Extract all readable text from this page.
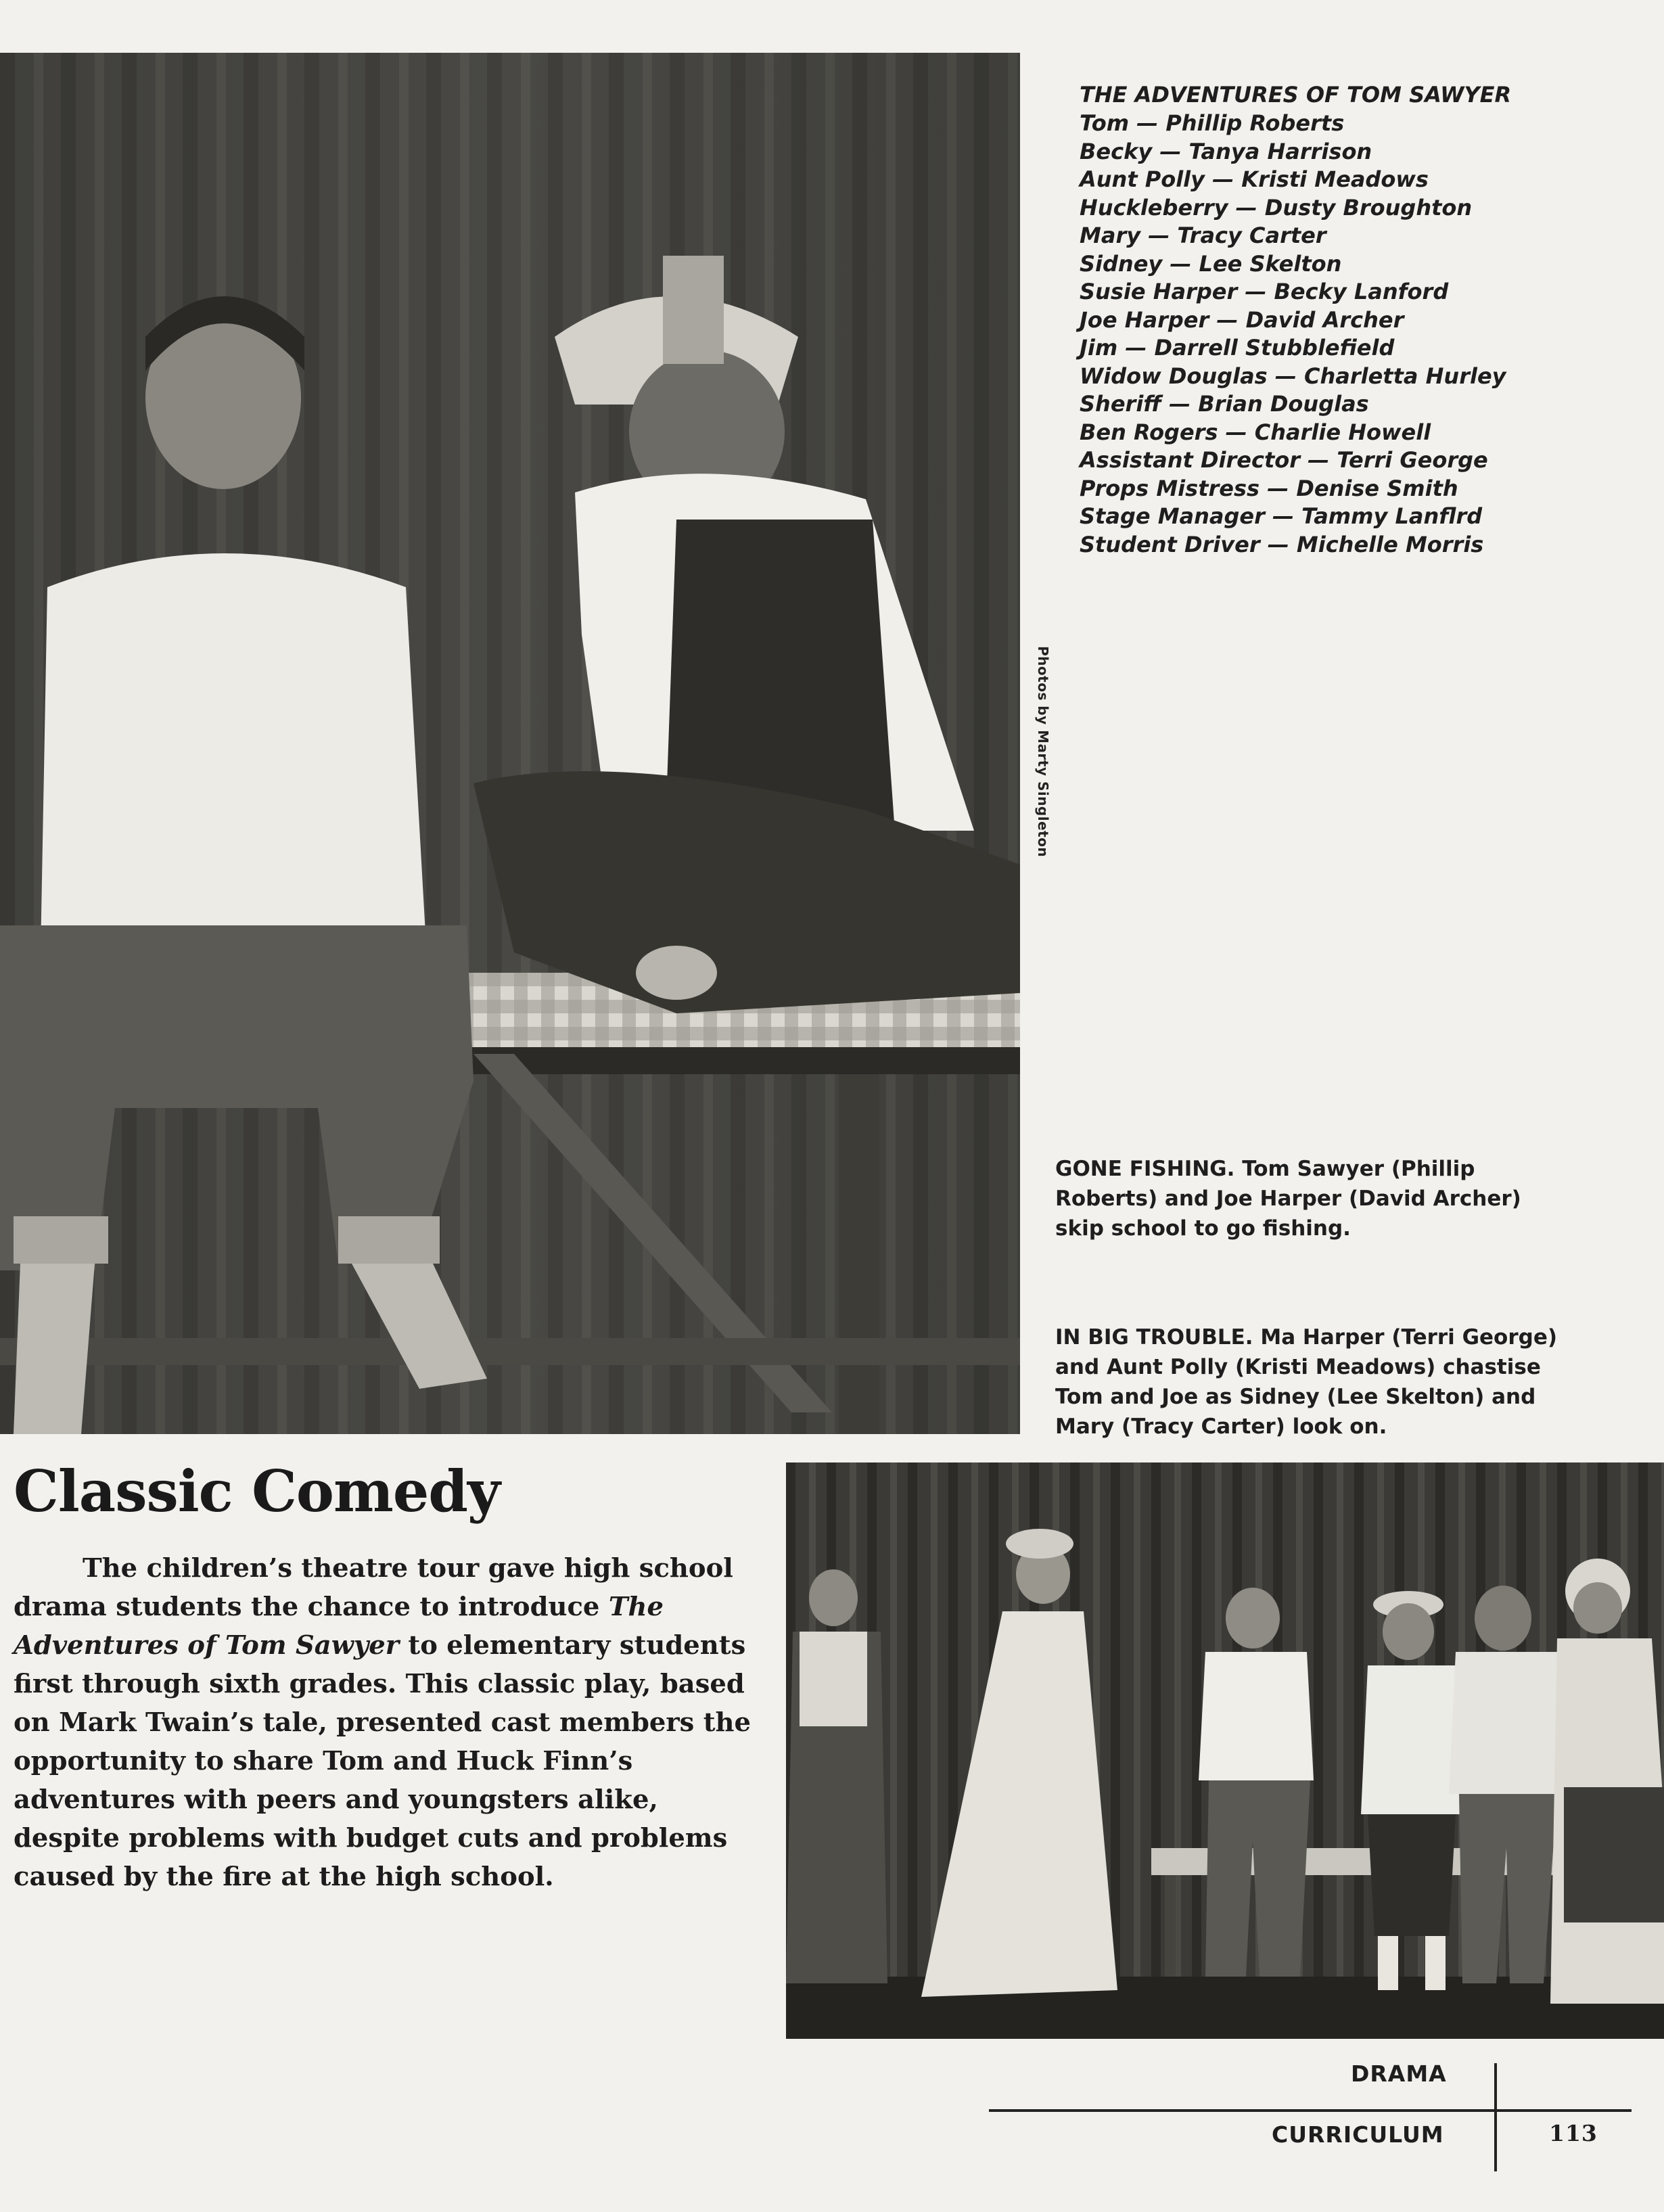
Photos by Marty Singleton
THE ADVENTURES OF TOM SAWYER
Tom — Phillip Roberts
Becky — Tanya Harrison
Aunt Polly — Kristi Meadows
Huckleberry — Dusty Broughton
Mary — Tracy Carter
Sidney — Lee Skelton
Susie Harper — Becky Lanford
Joe Harper — David Archer
Jim — Darrell Stubblefield
Widow Douglas — Charletta Hurley
Sheriff — Brian Douglas
Ben Rogers — Charlie Howell
Assistant Director — Terri George
Props Mistress — Denise Smith
Stage Manager — Tammy Lanflrd
Student Driver — Michelle Morris
GONE FISHING. Tom Sawyer (Phillip Roberts) and Joe Harper (David Archer) skip school to go fishing.
IN BIG TROUBLE. Ma Harper (Terri George) and Aunt Polly (Kristi Meadows) chastise Tom and Joe as Sidney (Lee Skelton) and Mary (Tracy Carter) look on.
Classic Comedy

The children’s theatre tour gave high school drama students the chance to introduce The Adventures of Tom Sawyer to elementary students first through sixth grades. This classic play, based on Mark Twain’s tale, presented cast members the opportunity to share Tom and Huck Finn’s adventures with peers and youngsters alike, despite problems with budget cuts and problems caused by the fire at the high school.

DRAMA
CURRICULUM	113
